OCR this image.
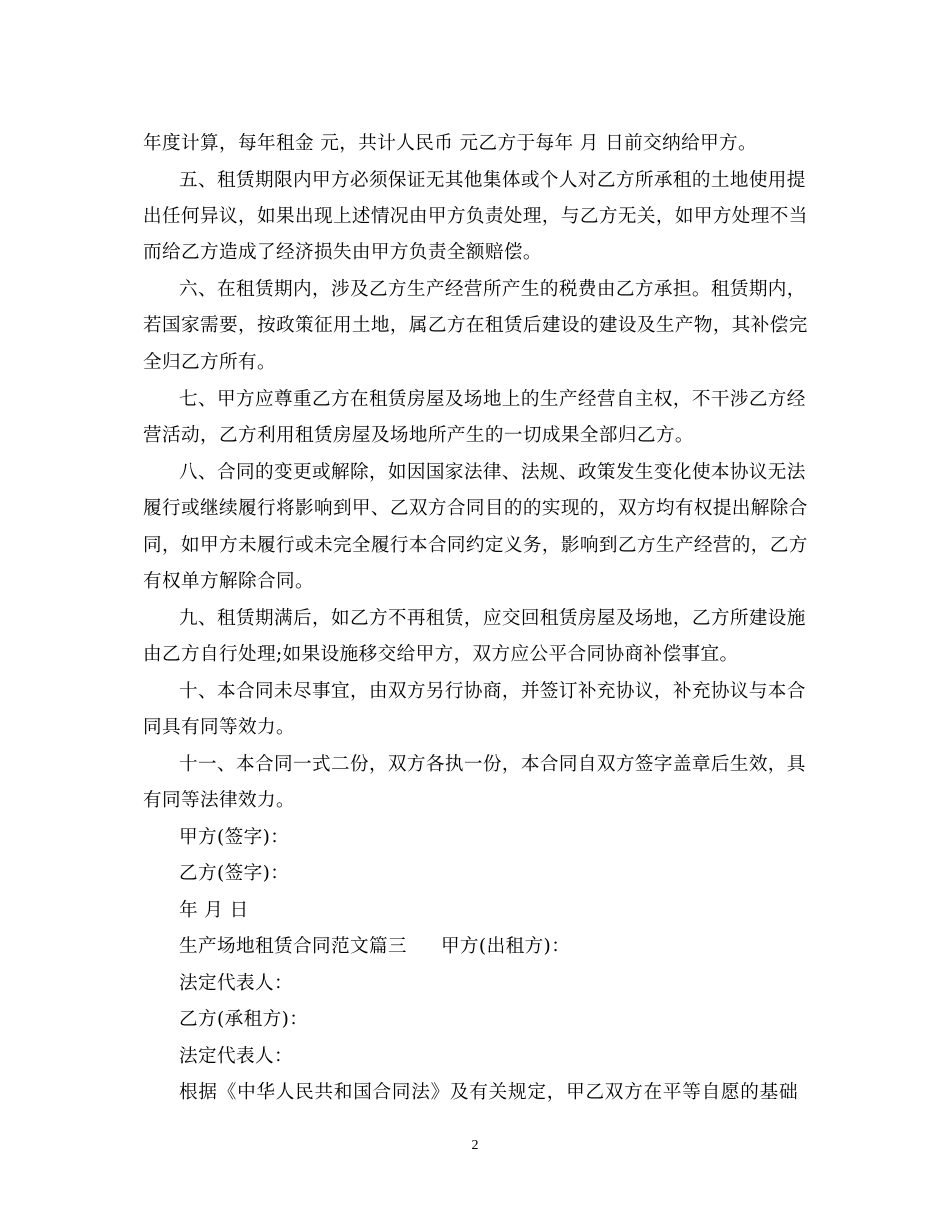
年度计算，每年租金 元，共计人民币 元乙方于每年 月 日前交纳给甲方。
五、租赁期限内甲方必须保证无其他集体或个人对乙方所承租的土地使用提
出任何异议，如果出现上述情况由甲方负责处理，与乙方无关，如甲方处理不当
而给乙方造成了经济损失由甲方负责全额赔偿。
六、在租赁期内，涉及乙方生产经营所产生的税费由乙方承担。租赁期内，
若国家需要，按政策征用土地，属乙方在租赁后建设的建设及生产物，其补偿完
全归乙方所有。
七、甲方应尊重乙方在租赁房屋及场地上的生产经营自主权，不干涉乙方经
营活动，乙方利用租赁房屋及场地所产生的一切成果全部归乙方。
八、合同的变更或解除，如因国家法律、法规、政策发生变化使本协议无法
履行或继续履行将影响到甲、乙双方合同目的的实现的，双方均有权提出解除合
同，如甲方未履行或未完全履行本合同约定义务，影响到乙方生产经营的，乙方
有权单方解除合同。
九、租赁期满后，如乙方不再租赁，应交回租赁房屋及场地，乙方所建设施
由乙方自行处理;如果设施移交给甲方，双方应公平合同协商补偿事宜。
十、本合同未尽事宜，由双方另行协商，并签订补充协议，补充协议与本合
同具有同等效力。
十一、本合同一式二份，双方各执一份，本合同自双方签字盖章后生效，具
有同等法律效力。
甲方(签字)：
乙方(签字)：
年 月 日
生产场地租赁合同范文篇三 甲方(出租方)：
法定代表人：
乙方(承租方)：
法定代表人：
根据《中华人民共和国合同法》及有关规定，甲乙双方在平等自愿的基础
2
